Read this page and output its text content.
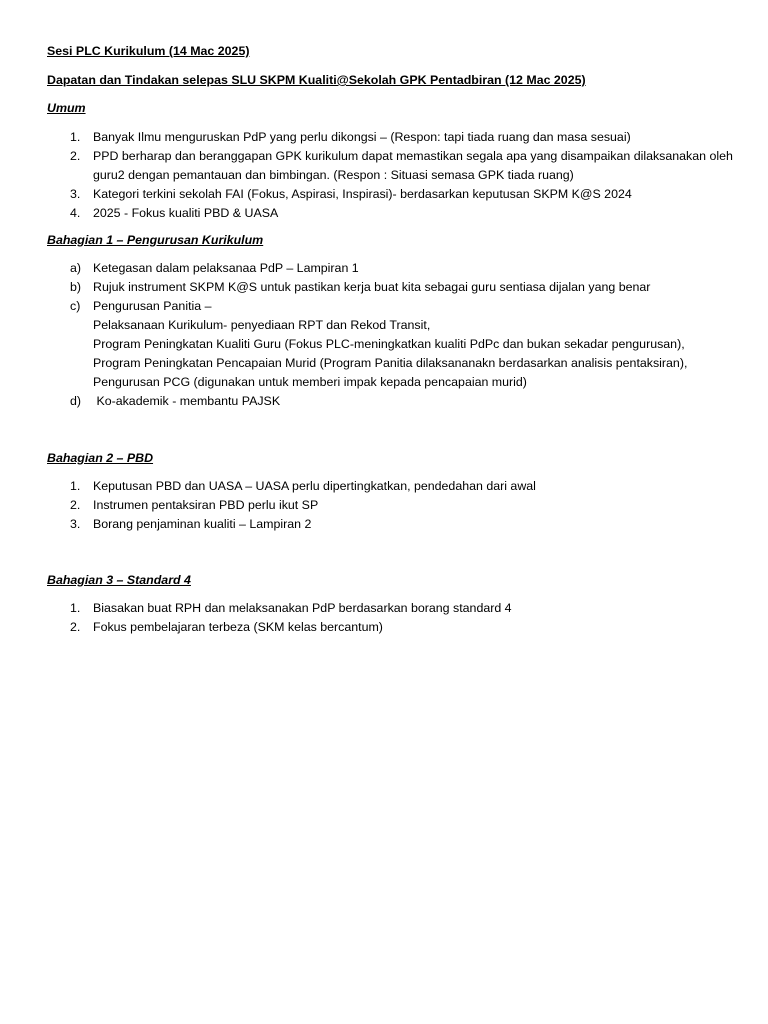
Sesi PLC Kurikulum (14 Mac 2025)
Dapatan dan Tindakan selepas SLU SKPM Kualiti@Sekolah GPK Pentadbiran (12 Mac 2025)
Umum
1.	Banyak Ilmu menguruskan PdP yang perlu dikongsi – (Respon: tapi tiada ruang dan masa sesuai)
2.	PPD berharap dan beranggapan GPK kurikulum dapat memastikan segala apa yang disampaikan dilaksanakan oleh guru2 dengan pemantauan dan bimbingan. (Respon : Situasi semasa GPK tiada ruang)
3.	Kategori terkini sekolah FAI (Fokus, Aspirasi, Inspirasi)- berdasarkan keputusan SKPM K@S 2024
4.	2025 - Fokus kualiti PBD & UASA
Bahagian 1 – Pengurusan Kurikulum
a) Ketegasan dalam pelaksanaa PdP – Lampiran 1
b) Rujuk instrument SKPM K@S untuk pastikan kerja buat kita sebagai guru sentiasa dijalan yang benar
c)	Pengurusan Panitia –
Pelaksanaan Kurikulum- penyediaan RPT dan Rekod Transit,
Program Peningkatan Kualiti Guru (Fokus PLC-meningkatkan kualiti PdPc dan bukan sekadar pengurusan),
Program Peningkatan Pencapaian Murid (Program Panitia dilaksananakn berdasarkan analisis pentaksiran),
Pengurusan PCG (digunakan untuk memberi impak kepada pencapaian murid)
d) Ko-akademik - membantu PAJSK
Bahagian 2 – PBD
1.	Keputusan PBD dan UASA – UASA perlu dipertingkatkan, pendedahan dari awal
2.	Instrumen pentaksiran PBD perlu ikut SP
3.	Borang penjaminan kualiti – Lampiran 2
Bahagian 3 – Standard 4
1.	Biasakan buat RPH dan melaksanakan PdP berdasarkan borang standard 4
2.	Fokus pembelajaran terbeza (SKM kelas bercantum)
